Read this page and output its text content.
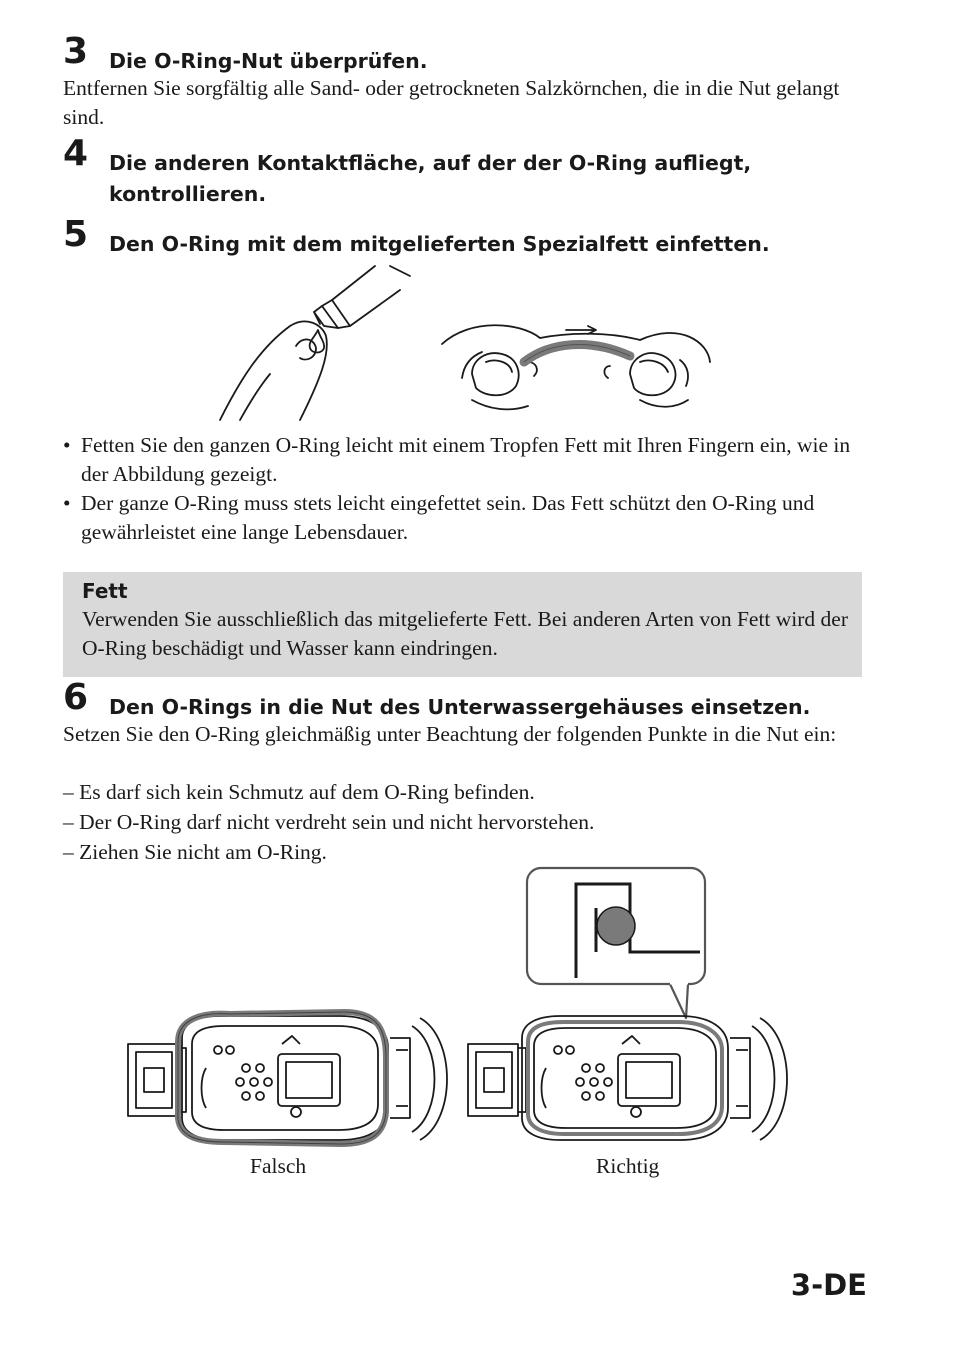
3 Die O-Ring-Nut überprüfen.
Entfernen Sie sorgfältig alle Sand- oder getrockneten Salzkörnchen, die in die Nut gelangt sind.
4 Die anderen Kontaktfläche, auf der der O-Ring aufliegt, kontrollieren.
5 Den O-Ring mit dem mitgelieferten Spezialfett einfetten.
• Fetten Sie den ganzen O-Ring leicht mit einem Tropfen Fett mit Ihren Fingern ein, wie in der Abbildung gezeigt.
• Der ganze O-Ring muss stets leicht eingefettet sein. Das Fett schützt den O-Ring und gewährleistet eine lange Lebensdauer.
Fett
Verwenden Sie ausschließlich das mitgelieferte Fett. Bei anderen Arten von Fett wird der O-Ring beschädigt und Wasser kann eindringen.
6 Den O-Rings in die Nut des Unterwassergehäuses einsetzen.
Setzen Sie den O-Ring gleichmäßig unter Beachtung der folgenden Punkte in die Nut ein:
– Es darf sich kein Schmutz auf dem O-Ring befinden.
– Der O-Ring darf nicht verdreht sein und nicht hervorstehen.
– Ziehen Sie nicht am O-Ring.
Falsch	Richtig
3-DE
